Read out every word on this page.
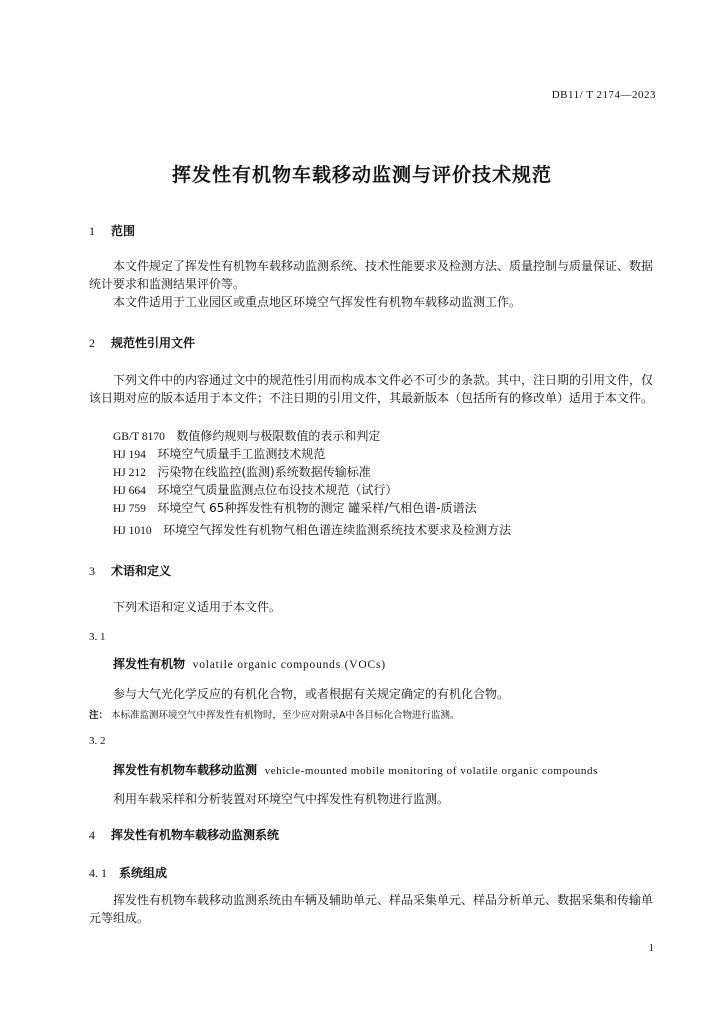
DB11/ T 2174—2023
挥发性有机物车载移动监测与评价技术规范
1 范围
本文件规定了挥发性有机物车载移动监测系统、技术性能要求及检测方法、质量控制与质量保证、数据统计要求和监测结果评价等。
本文件适用于工业园区或重点地区环境空气挥发性有机物车载移动监测工作。
2 规范性引用文件
下列文件中的内容通过文中的规范性引用而构成本文件必不可少的条款。其中，注日期的引用文件，仅该日期对应的版本适用于本文件；不注日期的引用文件，其最新版本（包括所有的修改单）适用于本文件。
GB/T 8170 数值修约规则与极限数值的表示和判定
HJ 194 环境空气质量手工监测技术规范
HJ 212 污染物在线监控(监测)系统数据传输标准
HJ 664 环境空气质量监测点位布设技术规范（试行）
HJ 759 环境空气 65种挥发性有机物的测定 罐采样/气相色谱-质谱法
HJ 1010 环境空气挥发性有机物气相色谱连续监测系统技术要求及检测方法
3 术语和定义
下列术语和定义适用于本文件。
3. 1
挥发性有机物 volatile organic compounds (VOCs)
参与大气光化学反应的有机化合物，或者根据有关规定确定的有机化合物。
注： 本标准监测环境空气中挥发性有机物时，至少应对附录A中各目标化合物进行监测。
3. 2
挥发性有机物车载移动监测 vehicle-mounted mobile monitoring of volatile organic compounds
利用车载采样和分析装置对环境空气中挥发性有机物进行监测。
4 挥发性有机物车载移动监测系统
4. 1 系统组成
挥发性有机物车载移动监测系统由车辆及辅助单元、样品采集单元、样品分析单元、数据采集和传输单元等组成。
1
